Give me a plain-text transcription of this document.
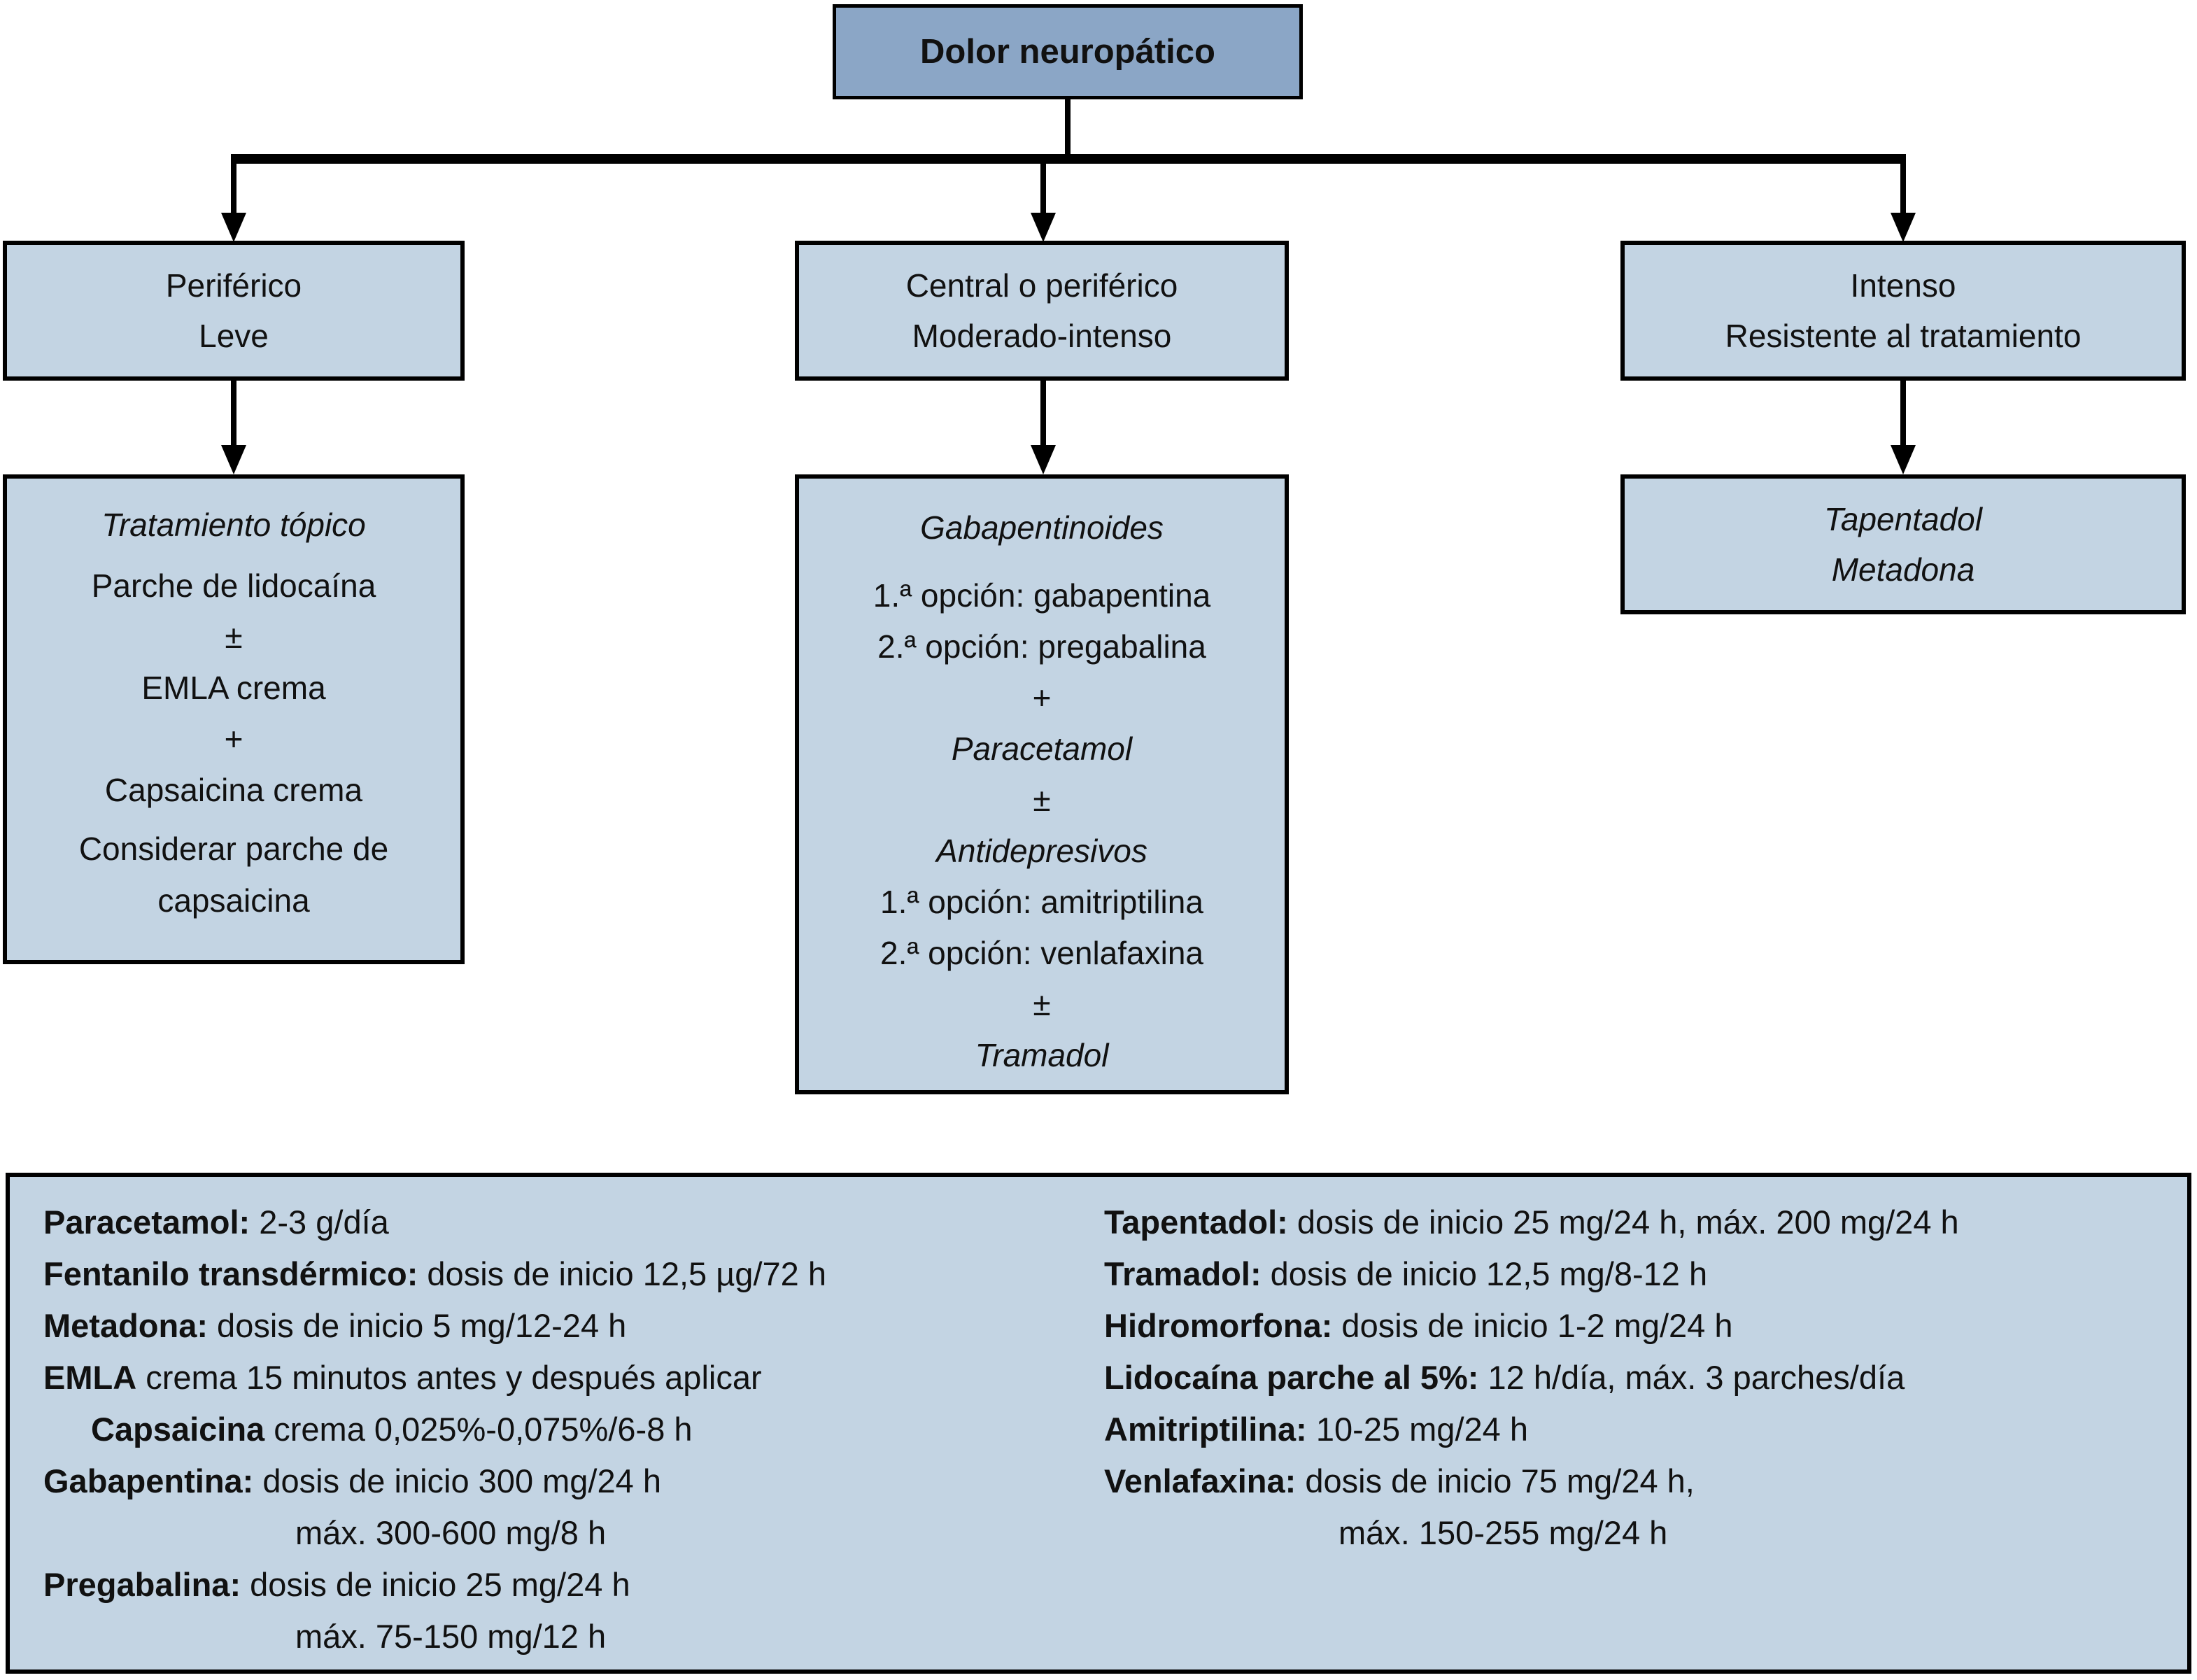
Dolor neuropático
Periférico
Leve
Central o periférico
Moderado-intenso
Intenso
Resistente al tratamiento
Tratamiento tópico
Parche de lidocaína
±
EMLA crema
+
Capsaicina crema
Considerar parche de capsaicina
Gabapentinoides
1.ª opción: gabapentina
2.ª opción: pregabalina
+
Paracetamol
±
Antidepresivos
1.ª opción: amitriptilina
2.ª opción: venlafaxina
±
Tramadol
Tapentadol
Metadona
Paracetamol: 2-3 g/día
Fentanilo transdérmico: dosis de inicio 12,5 µg/72 h
Metadona: dosis de inicio 5 mg/12-24 h
EMLA crema 15 minutos antes y después aplicar
Capsaicina crema 0,025%-0,075%/6-8 h
Gabapentina: dosis de inicio 300 mg/24 h
máx. 300-600 mg/8 h
Pregabalina: dosis de inicio 25 mg/24 h
máx. 75-150 mg/12 h
Tapentadol: dosis de inicio 25 mg/24 h, máx. 200 mg/24 h
Tramadol: dosis de inicio 12,5 mg/8-12 h
Hidromorfona: dosis de inicio 1-2 mg/24 h
Lidocaína parche al 5%: 12 h/día, máx. 3 parches/día
Amitriptilina: 10-25 mg/24 h
Venlafaxina: dosis de inicio 75 mg/24 h,
máx. 150-255 mg/24 h
